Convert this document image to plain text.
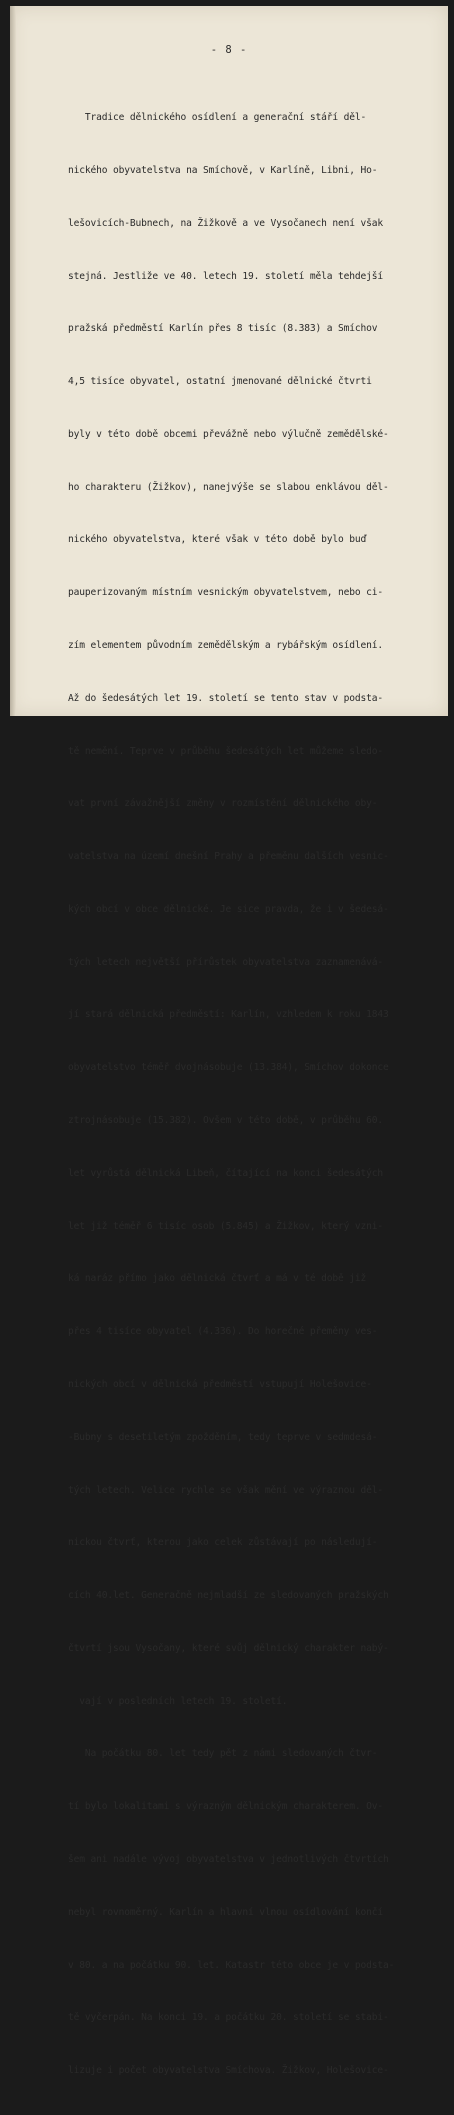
- 8 -

Tradice dělnického osídlení a generační stáří děl-

nického obyvatelstva na Smíchově, v Karlíně, Libni, Ho-

lešovicích-Bubnech, na Žižkově a ve Vysočanech není však

stejná. Jestliže ve 40. letech 19. století měla tehdejší

pražská předměstí Karlín přes 8 tisíc (8.383) a Smíchov

4,5 tisíce obyvatel, ostatní jmenované dělnické čtvrti

byly v této době obcemi převážně nebo výlučně zemědělské-

ho charakteru (Žižkov), nanejvýše se slabou enklávou děl-

nického obyvatelstva, které však v této době bylo buď

pauperizovaným místním vesnickým obyvatelstvem, nebo ci-

zím elementem původním zemědělským a rybářským osídlení.

Až do šedesátých let 19. století se tento stav v podsta-

tě nemění. Teprve v průběhu šedesátých let můžeme sledo-

vat první závažnější změny v rozmístění dělnického oby-

vatelstva na území dnešní Prahy a přeměnu dalších vesnic-

kých obcí v obce dělnické. Je sice pravda, že i v šedesá-

tých letech největší přírůstek obyvatelstva zaznamenává-

jí stará dělnická předměstí: Karlín, vzhledem k roku 1843

obyvatelstvo téměř dvojnásobuje (13.384), Smíchov dokonce

ztrojnásobuje (15.382). Ovšem v této době, v průběhu 60.

let vyrůstá dělnická Libeň, čítající na konci šedesátých

let již téměř 6 tisíc osob (5.845) a Žižkov, který vzni-

ká naráz přímo jako dělnická čtvrť a má v té době již

přes 4 tisíce obyvatel (4.336). Do horečné přeměny ves-

nických obcí v dělnická předměstí vstupují Holešovice-

-Bubny s desetiletým zpožděním, tedy teprve v sedmdesá-

tých letech. Velice rychle se však mění ve výraznou děl-

nickou čtvrť, kterou jako celek zůstávají po následují-

cích 40.let. Generačně nejmladší ze sledovaných pražských

čtvrtí jsou Vysočany, které svůj dělnický charakter nabý-

vají v posledních letech 19. století.

Na počátku 80. let tedy pět z námi sledovaných čtvr-

tí bylo lokalitami s výrazným dělnickým charakterem. Ov-

šem ani nadále vývoj obyvatelstva v jednotlivých čtvrtích

nebyl rovnoměrný. Karlín a hlavní vlnou osídlování končí

v 80. a na počátku 90. let. Katastr této obce je v podsta-

tě vyčerpán. Na konci 19. a počátku 20. století se stabi-

lizuje i počet obyvatelstva Smíchova. Žižkov, Holešovice-
